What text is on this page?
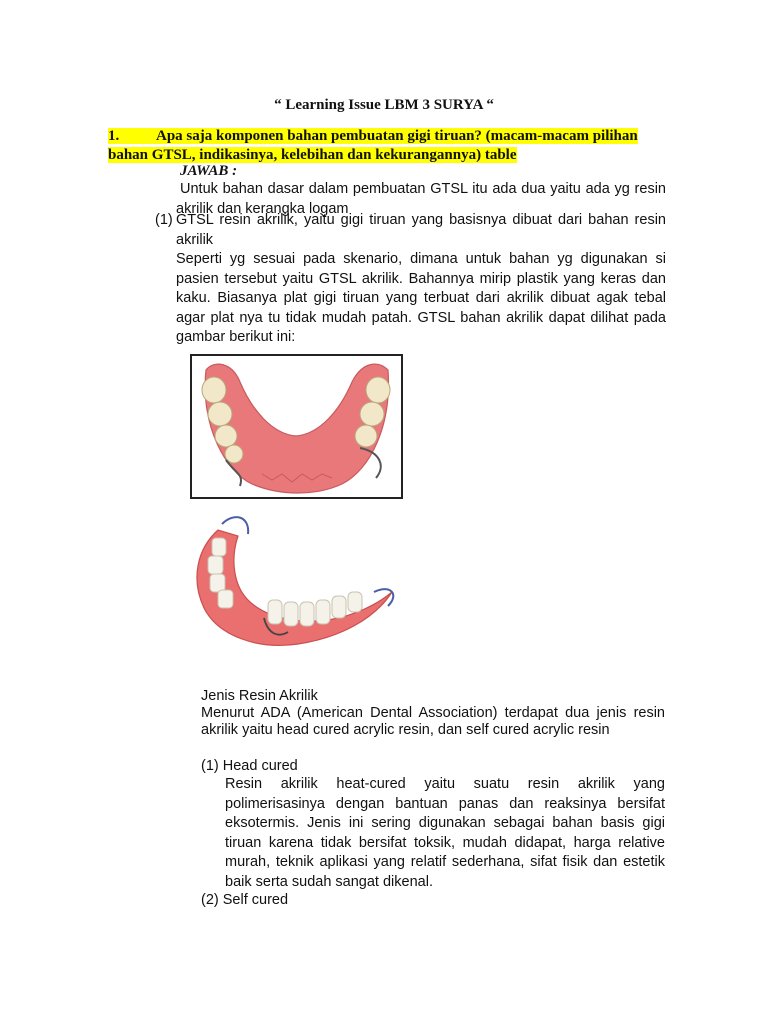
“ Learning Issue LBM 3 SURYA “
1. Apa saja komponen bahan pembuatan gigi tiruan? (macam-macam pilihan
bahan GTSL, indikasinya, kelebihan dan kekurangannya) table
JAWAB :
Untuk bahan dasar dalam pembuatan GTSL itu ada dua yaitu ada yg resin akrilik dan kerangka logam
(1) GTSL resin akrilik, yaitu gigi tiruan yang basisnya dibuat dari bahan resin akrilik
Seperti yg sesuai pada skenario, dimana untuk bahan yg digunakan si pasien tersebut yaitu GTSL akrilik. Bahannya mirip plastik yang keras dan kaku. Biasanya plat gigi tiruan yang terbuat dari akrilik dibuat agak tebal agar plat nya tu tidak mudah patah. GTSL bahan akrilik dapat dilihat pada gambar berikut ini:
Jenis Resin Akrilik
Menurut ADA (American Dental Association) terdapat dua jenis resin akrilik yaitu head cured acrylic resin, dan self cured acrylic resin
(1) Head cured
Resin akrilik heat-cured yaitu suatu resin akrilik yang polimerisasinya dengan bantuan panas dan reaksinya bersifat eksotermis. Jenis ini sering digunakan sebagai bahan basis gigi tiruan karena tidak bersifat toksik, mudah didapat, harga relative murah, teknik aplikasi yang relatif sederhana, sifat fisik dan estetik baik serta sudah sangat dikenal.
(2) Self cured
